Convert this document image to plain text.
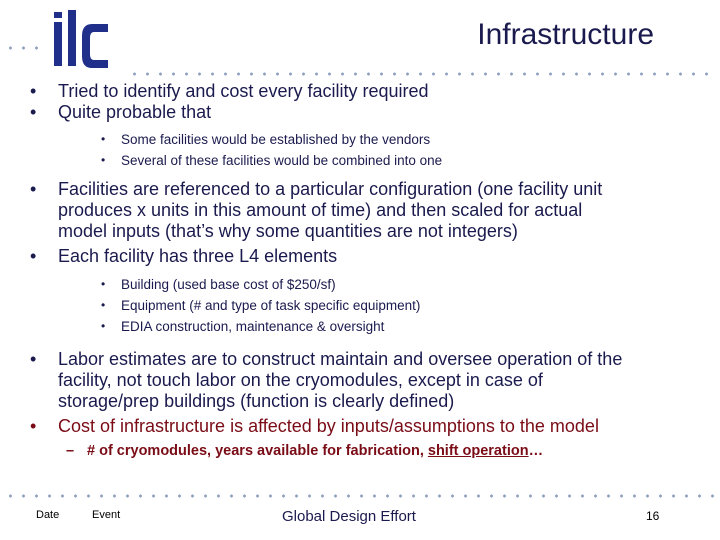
Infrastructure
• Tried to identify and cost every facility required
• Quite probable that
• Some facilities would be established by the vendors
• Several of these facilities would be combined into one
• Facilities are referenced to a particular configuration (one facility unit
produces x units in this amount of time) and then scaled for actual
model inputs (that’s why some quantities are not integers)
• Each facility has three L4 elements
• Building (used base cost of $250/sf)
• Equipment (# and type of task specific equipment)
• EDIA construction, maintenance & oversight
• Labor estimates are to construct maintain and oversee operation of the
facility, not touch labor on the cryomodules, except in case of
storage/prep buildings (function is clearly defined)
• Cost of infrastructure is affected by inputs/assumptions to the model
– # of cryomodules, years available for fabrication, shift operation…
Date	Event	Global Design Effort	16
